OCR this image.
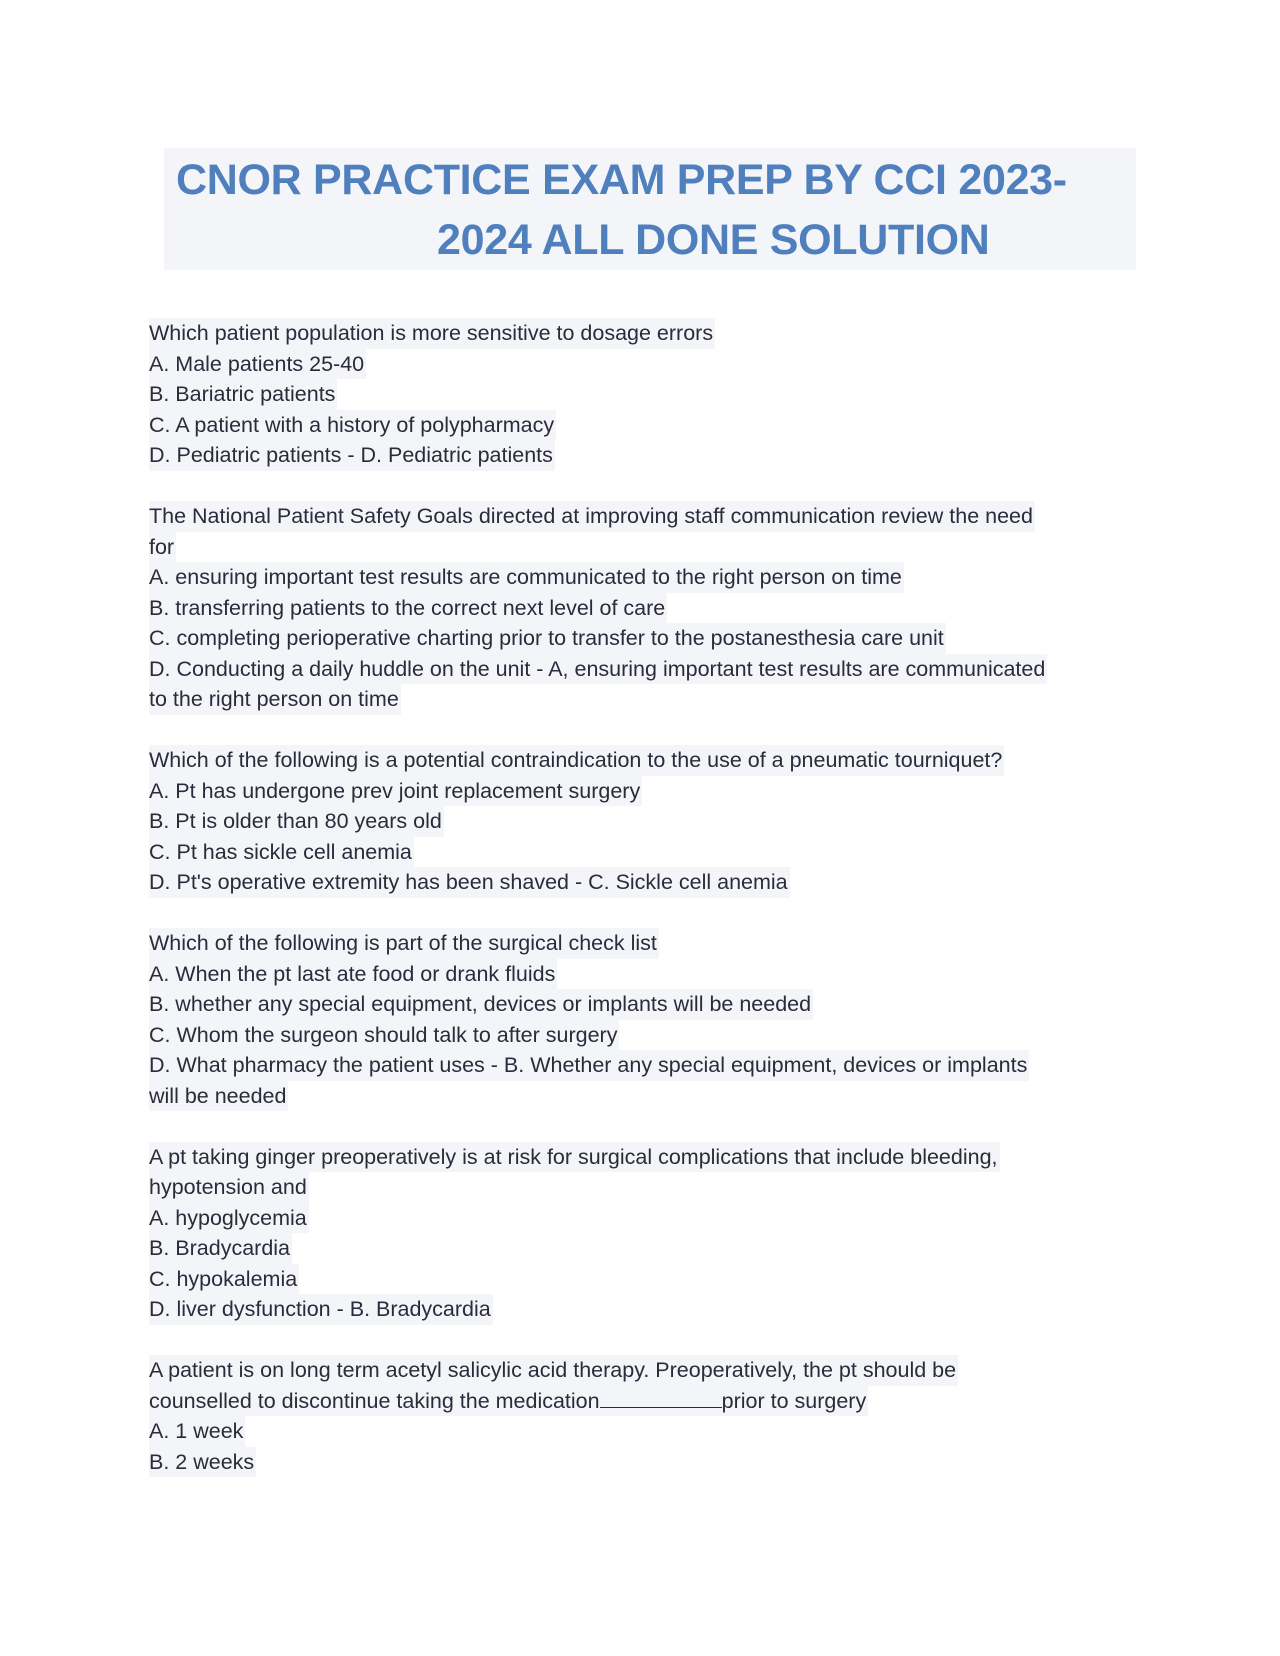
CNOR PRACTICE EXAM PREP BY CCI 2023-
2024 ALL DONE SOLUTION
Which patient population is more sensitive to dosage errors
A. Male patients 25-40
B. Bariatric patients
C. A patient with a history of polypharmacy
D. Pediatric patients - D. Pediatric patients
The National Patient Safety Goals directed at improving staff communication review the need
for
A. ensuring important test results are communicated to the right person on time
B. transferring patients to the correct next level of care
C. completing perioperative charting prior to transfer to the postanesthesia care unit
D. Conducting a daily huddle on the unit - A, ensuring important test results are communicated
to the right person on time
Which of the following is a potential contraindication to the use of a pneumatic tourniquet?
A. Pt has undergone prev joint replacement surgery
B. Pt is older than 80 years old
C. Pt has sickle cell anemia
D. Pt's operative extremity has been shaved - C. Sickle cell anemia
Which of the following is part of the surgical check list
A. When the pt last ate food or drank fluids
B. whether any special equipment, devices or implants will be needed
C. Whom the surgeon should talk to after surgery
D. What pharmacy the patient uses - B. Whether any special equipment, devices or implants
will be needed
A pt taking ginger preoperatively is at risk for surgical complications that include bleeding,
hypotension and
A. hypoglycemia
B. Bradycardia
C. hypokalemia
D. liver dysfunction - B. Bradycardia
A patient is on long term acetyl salicylic acid therapy. Preoperatively, the pt should be
counselled to discontinue taking the medication	prior to surgery
A. 1 week
B. 2 weeks
